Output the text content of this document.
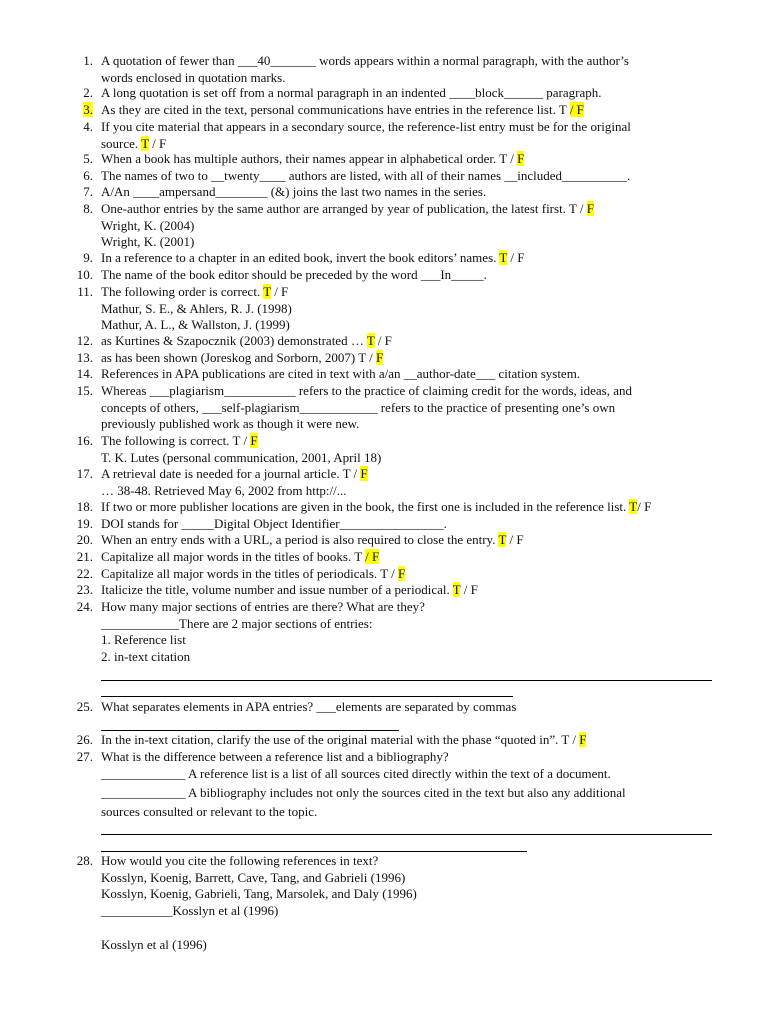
1. A quotation of fewer than ___40_______ words appears within a normal paragraph, with the author’s
words enclosed in quotation marks.
2. A long quotation is set off from a normal paragraph in an indented ____block______ paragraph.
3. As they are cited in the text, personal communications have entries in the reference list. T / F
4. If you cite material that appears in a secondary source, the reference-list entry must be for the original
source. T / F
5. When a book has multiple authors, their names appear in alphabetical order. T / F
6. The names of two to __twenty____ authors are listed, with all of their names __included__________.
7. A/An ____ampersand________ (&) joins the last two names in the series.
8. One-author entries by the same author are arranged by year of publication, the latest first. T / F
Wright, K. (2004)
Wright, K. (2001)
9. In a reference to a chapter in an edited book, invert the book editors’ names. T / F
10. The name of the book editor should be preceded by the word ___In_____.
11. The following order is correct. T / F
Mathur, S. E., & Ahlers, R. J. (1998)
Mathur, A. L., & Wallston, J. (1999)
12. as Kurtines & Szapocznik (2003) demonstrated … T / F
13. as has been shown (Joreskog and Sorborn, 2007) T / F
14. References in APA publications are cited in text with a/an __author-date___ citation system.
15. Whereas ___plagiarism___________ refers to the practice of claiming credit for the words, ideas, and
concepts of others, ___self-plagiarism____________ refers to the practice of presenting one’s own
previously published work as though it were new.
16. The following is correct. T / F
T. K. Lutes (personal communication, 2001, April 18)
17. A retrieval date is needed for a journal article. T / F
… 38-48. Retrieved May 6, 2002 from http://...
18. If two or more publisher locations are given in the book, the first one is included in the reference list. T/ F
19. DOI stands for _____Digital Object Identifier________________.
20. When an entry ends with a URL, a period is also required to close the entry. T / F
21. Capitalize all major words in the titles of books. T / F
22. Capitalize all major words in the titles of periodicals. T / F
23. Italicize the title, volume number and issue number of a periodical. T / F
24. How many major sections of entries are there? What are they?
____________There are 2 major sections of entries:
1. Reference list
2. in-text citation
25. What separates elements in APA entries? ___elements are separated by commas
26. In the in-text citation, clarify the use of the original material with the phase “quoted in”. T / F
27. What is the difference between a reference list and a bibliography?
28. How would you cite the following references in text?
Kosslyn, Koenig, Barrett, Cave, Tang, and Gabrieli (1996)
Kosslyn, Koenig, Gabrieli, Tang, Marsolek, and Daly (1996)
___________Kosslyn et al (1996)
_____________ A reference list is a list of all sources cited directly within the text of a document.
_____________ A bibliography includes not only the sources cited in the text but also any additional
sources consulted or relevant to the topic.
Kosslyn et al (1996)
